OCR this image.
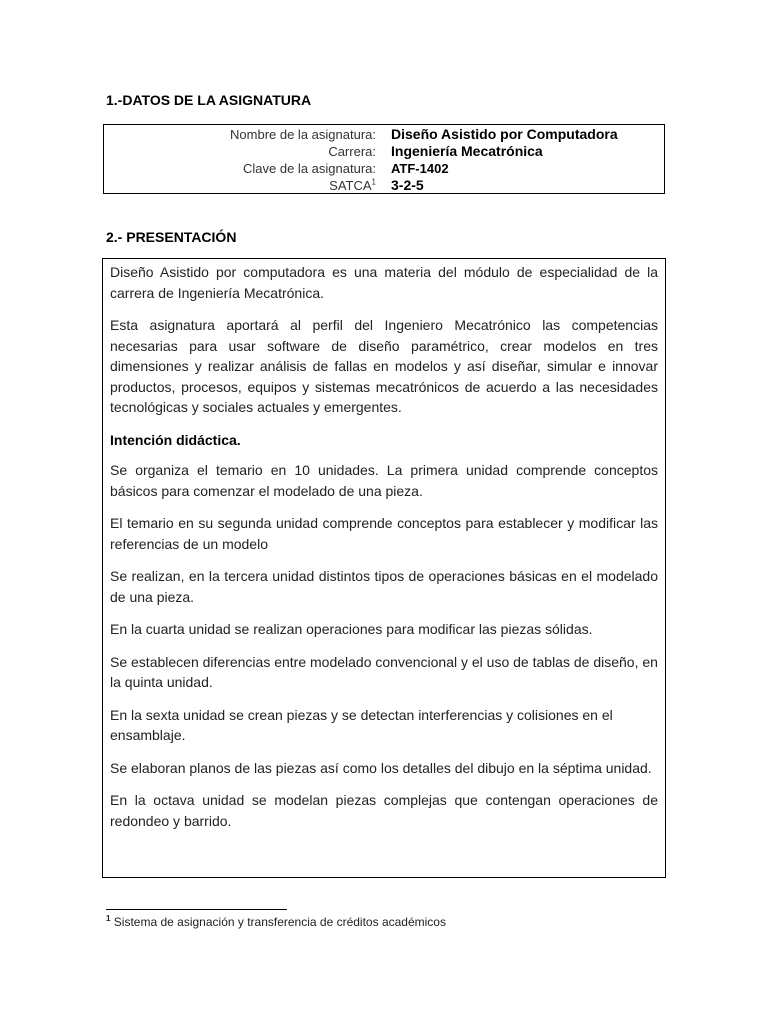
1.-DATOS DE LA ASIGNATURA
Nombre de la asignatura: Diseño Asistido por Computadora
Carrera: Ingeniería Mecatrónica
Clave de la asignatura: ATF-1402
SATCA$^1$ 3-2-5
2.- PRESENTACIÓN

Diseño Asistido por computadora es una materia del módulo de especialidad de la carrera de Ingeniería Mecatrónica.

Esta asignatura aportará al perfil del Ingeniero Mecatrónico las competencias necesarias para usar software de diseño paramétrico, crear modelos en tres dimensiones y realizar análisis de fallas en modelos y así diseñar, simular e innovar productos, procesos, equipos y sistemas mecatrónicos de acuerdo a las necesidades tecnológicas y sociales actuales y emergentes.

Intención didáctica.

Se organiza el temario en 10 unidades. La primera unidad comprende conceptos básicos para comenzar el modelado de una pieza.

El temario en su segunda unidad comprende conceptos para establecer y modificar las referencias de un modelo

Se realizan, en la tercera unidad distintos tipos de operaciones básicas en el modelado de una pieza.

En la cuarta unidad se realizan operaciones para modificar las piezas sólidas.

Se establecen diferencias entre modelado convencional y el uso de tablas de diseño, en la quinta unidad.

En la sexta unidad se crean piezas y se detectan interferencias y colisiones en el ensamblaje.

Se elaboran planos de las piezas así como los detalles del dibujo en la séptima unidad.

En la octava unidad se modelan piezas complejas que contengan operaciones de redondeo y barrido.

$^1$ Sistema de asignación y transferencia de créditos académicos
